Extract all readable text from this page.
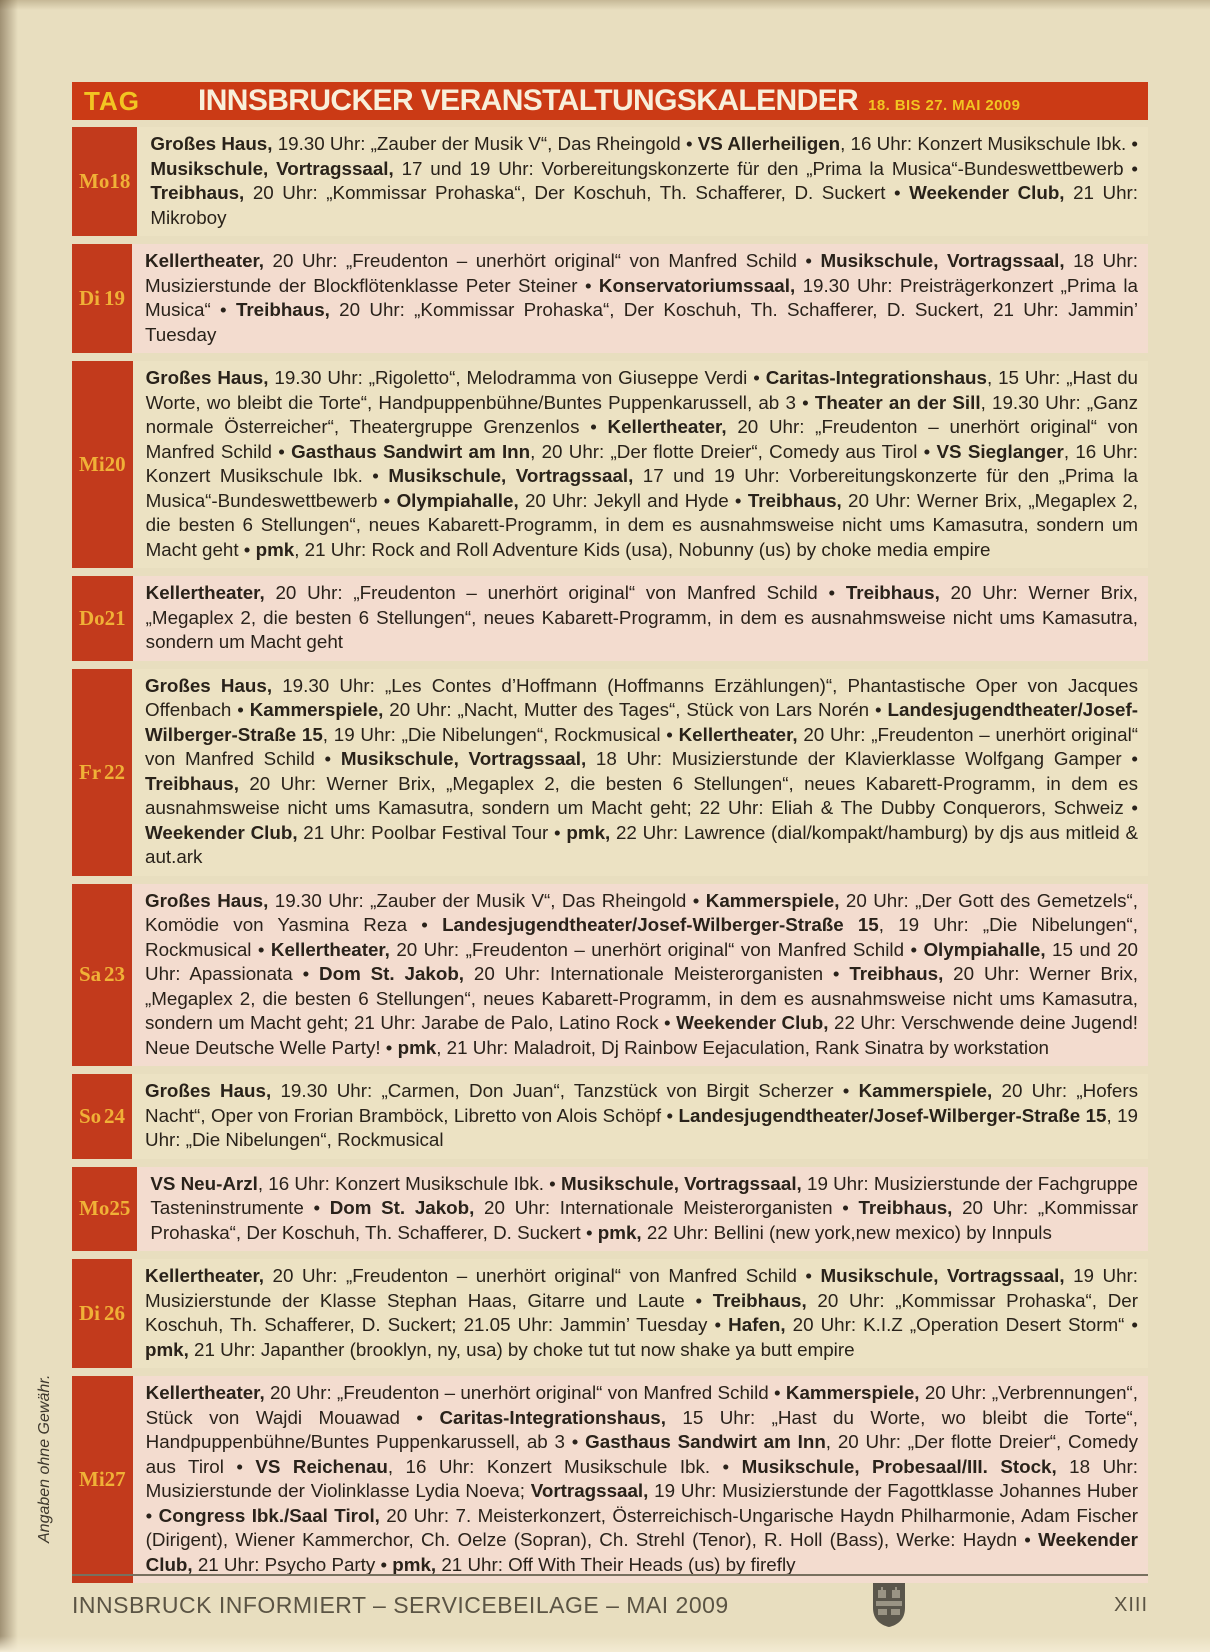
TAG INNSBRUCKER VERANSTALTUNGSKALENDER 18. BIS 27. MAI 2009
Mo 18

Großes Haus, 19.30 Uhr: „Zauber der Musik V“, Das Rheingold • VS Allerheiligen, 16 Uhr: Konzert Musikschule Ibk. • Musikschule, Vortragssaal, 17 und 19 Uhr: Vorbereitungskonzerte für den „Prima la Musica“-Bundeswettbewerb • Treibhaus, 20 Uhr: „Kommissar Prohaska“, Der Koschuh, Th. Schafferer, D. Suckert • Weekender Club, 21 Uhr: Mikroboy

Di 19

Kellertheater, 20 Uhr: „Freudenton – unerhört original“ von Manfred Schild • Musikschule, Vortragssaal, 18 Uhr: Musizierstunde der Blockflötenklasse Peter Steiner • Konservatoriumssaal, 19.30 Uhr: Preisträgerkonzert „Prima la Musica“ • Treibhaus, 20 Uhr: „Kommissar Prohaska“, Der Koschuh, Th. Schafferer, D. Suckert, 21 Uhr: Jammin’ Tuesday

Mi 20

Großes Haus, 19.30 Uhr: „Rigoletto“, Melodramma von Giuseppe Verdi • Caritas-Integrationshaus, 15 Uhr: „Hast du Worte, wo bleibt die Torte“, Handpuppenbühne/Buntes Puppenkarussell, ab 3 • Theater an der Sill, 19.30 Uhr: „Ganz normale Österreicher“, Theatergruppe Grenzenlos • Kellertheater, 20 Uhr: „Freudenton – unerhört original“ von Manfred Schild • Gasthaus Sandwirt am Inn, 20 Uhr: „Der flotte Dreier“, Comedy aus Tirol • VS Sieglanger, 16 Uhr: Konzert Musikschule Ibk. • Musikschule, Vortragssaal, 17 und 19 Uhr: Vorbereitungskonzerte für den „Prima la Musica“-Bundeswettbewerb • Olympiahalle, 20 Uhr: Jekyll and Hyde • Treibhaus, 20 Uhr: Werner Brix, „Megaplex 2, die besten 6 Stellungen“, neues Kabarett-Programm, in dem es ausnahmsweise nicht ums Kamasutra, sondern um Macht geht • pmk, 21 Uhr: Rock and Roll Adventure Kids (usa), Nobunny (us) by choke media empire

Do 21

Kellertheater, 20 Uhr: „Freudenton – unerhört original“ von Manfred Schild • Treibhaus, 20 Uhr: Werner Brix, „Megaplex 2, die besten 6 Stellungen“, neues Kabarett-Programm, in dem es ausnahmsweise nicht ums Kamasutra, sondern um Macht geht

Fr 22

Großes Haus, 19.30 Uhr: „Les Contes d’Hoffmann (Hoffmanns Erzählungen)“, Phantastische Oper von Jacques Offenbach • Kammerspiele, 20 Uhr: „Nacht, Mutter des Tages“, Stück von Lars Norén • Landesjugendtheater/Josef-Wilberger-Straße 15, 19 Uhr: „Die Nibelungen“, Rockmusical • Kellertheater, 20 Uhr: „Freudenton – unerhört original“ von Manfred Schild • Musikschule, Vortragssaal, 18 Uhr: Musizierstunde der Klavierklasse Wolfgang Gamper • Treibhaus, 20 Uhr: Werner Brix, „Megaplex 2, die besten 6 Stellungen“, neues Kabarett-Programm, in dem es ausnahmsweise nicht ums Kamasutra, sondern um Macht geht; 22 Uhr: Eliah & The Dubby Conquerors, Schweiz • Weekender Club, 21 Uhr: Poolbar Festival Tour • pmk, 22 Uhr: Lawrence (dial/kompakt/hamburg) by djs aus mitleid & aut.ark

Sa 23

Großes Haus, 19.30 Uhr: „Zauber der Musik V“, Das Rheingold • Kammerspiele, 20 Uhr: „Der Gott des Gemetzels“, Komödie von Yasmina Reza • Landesjugendtheater/Josef-Wilberger-Straße 15, 19 Uhr: „Die Nibelungen“, Rockmusical • Kellertheater, 20 Uhr: „Freudenton – unerhört original“ von Manfred Schild • Olympiahalle, 15 und 20 Uhr: Apassionata • Dom St. Jakob, 20 Uhr: Internationale Meisterorganisten • Treibhaus, 20 Uhr: Werner Brix, „Megaplex 2, die besten 6 Stellungen“, neues Kabarett-Programm, in dem es ausnahmsweise nicht ums Kamasutra, sondern um Macht geht; 21 Uhr: Jarabe de Palo, Latino Rock • Weekender Club, 22 Uhr: Verschwende deine Jugend! Neue Deutsche Welle Party! • pmk, 21 Uhr: Maladroit, Dj Rainbow Eejaculation, Rank Sinatra by workstation

So 24

Großes Haus, 19.30 Uhr: „Carmen, Don Juan“, Tanzstück von Birgit Scherzer • Kammerspiele, 20 Uhr: „Hofers Nacht“, Oper von Frorian Bramböck, Libretto von Alois Schöpf • Landesjugendtheater/Josef-Wilberger-Straße 15, 19 Uhr: „Die Nibelungen“, Rockmusical

Mo 25

VS Neu-Arzl, 16 Uhr: Konzert Musikschule Ibk. • Musikschule, Vortragssaal, 19 Uhr: Musizierstunde der Fachgruppe Tasteninstrumente • Dom St. Jakob, 20 Uhr: Internationale Meisterorganisten • Treibhaus, 20 Uhr: „Kommissar Prohaska“, Der Koschuh, Th. Schafferer, D. Suckert • pmk, 22 Uhr: Bellini (new york,new mexico) by Innpuls

Di 26

Kellertheater, 20 Uhr: „Freudenton – unerhört original“ von Manfred Schild • Musikschule, Vortragssaal, 19 Uhr: Musizierstunde der Klasse Stephan Haas, Gitarre und Laute • Treibhaus, 20 Uhr: „Kommissar Prohaska“, Der Koschuh, Th. Schafferer, D. Suckert; 21.05 Uhr: Jammin’ Tuesday • Hafen, 20 Uhr: K.I.Z „Operation Desert Storm“ • pmk, 21 Uhr: Japanther (brooklyn, ny, usa) by choke tut tut now shake ya butt empire

Mi 27

Kellertheater, 20 Uhr: „Freudenton – unerhört original“ von Manfred Schild • Kammerspiele, 20 Uhr: „Verbrennungen“, Stück von Wajdi Mouawad • Caritas-Integrationshaus, 15 Uhr: „Hast du Worte, wo bleibt die Torte“, Handpuppenbühne/Buntes Puppenkarussell, ab 3 • Gasthaus Sandwirt am Inn, 20 Uhr: „Der flotte Dreier“, Comedy aus Tirol • VS Reichenau, 16 Uhr: Konzert Musikschule Ibk. • Musikschule, Probesaal/III. Stock, 18 Uhr: Musizierstunde der Violinklasse Lydia Noeva; Vortragssaal, 19 Uhr: Musizierstunde der Fagottklasse Johannes Huber • Congress Ibk./Saal Tirol, 20 Uhr: 7. Meisterkonzert, Österreichisch-Ungarische Haydn Philharmonie, Adam Fischer (Dirigent), Wiener Kammerchor, Ch. Oelze (Sopran), Ch. Strehl (Tenor), R. Holl (Bass), Werke: Haydn • Weekender Club, 21 Uhr: Psycho Party • pmk, 21 Uhr: Off With Their Heads (us) by firefly

Angaben ohne Gewähr.
INNSBRUCK INFORMIERT – SERVICEBEILAGE – MAI 2009	XIII
